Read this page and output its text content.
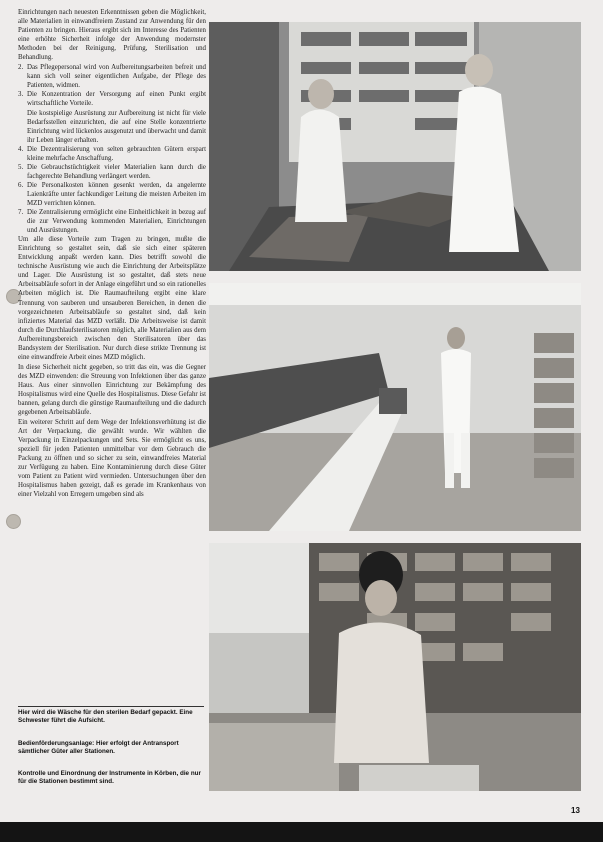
Einrichtungen nach neuesten Erkenntnissen geben die Möglichkeit, alle Materialien in einwandfreiem Zustand zur Anwendung für den Patienten zu bringen. Hieraus ergibt sich im Interesse des Patienten eine erhöhte Sicherheit infolge der Anwendung modernster Methoden bei der Reinigung, Prüfung, Sterilisation und Behandlung.

2. Das Pflegepersonal wird von Aufbereitungsarbeiten befreit und kann sich voll seiner eigentlichen Aufgabe, der Pflege des Patienten, widmen.
3. Die Konzentration der Versorgung auf einen Punkt ergibt wirtschaftliche Vorteile.
Die kostspielige Ausrüstung zur Aufbereitung ist nicht für viele Bedarfsstellen einzurichten, die auf eine Stelle konzentrierte Einrichtung wird lückenlos ausgenutzt und überwacht und damit ihr Leben länger erhalten.
4. Die Dezentralisierung von selten gebrauchten Gütern erspart kleine mehrfache Anschaffung.
5. Die Gebrauchstüchtigkeit vieler Materialien kann durch die fachgerechte Behandlung verlängert werden.
6. Die Personalkosten können gesenkt werden, da angelernte Laienkräfte unter fachkundiger Leitung die meisten Arbeiten im MZD verrichten können.
7. Die Zentralisierung ermöglicht eine Einheitlichkeit in bezug auf die zur Verwendung kommenden Materialien, Einrichtungen und Ausrüstungen.

Um alle diese Vorteile zum Tragen zu bringen, mußte die Einrichtung so gestaltet sein, daß sie sich einer späteren Entwicklung anpaßt werden kann. Dies betrifft sowohl die technische Ausrüstung wie auch die Einrichtung der Arbeitsplätze und Lager. Die Ausrüstung ist so gestaltet, daß stets neue Arbeitsabläufe sofort in der Anlage eingeführt und so ein rationelles Arbeiten möglich ist. Die Raumaufteilung ergibt eine klare Trennung von sauberen und unsauberen Bereichen, in denen die vorgezeichneten Arbeitsabläufe so gestaltet sind, daß kein infiziertes Material das MZD verläßt. Die Arbeitsweise ist damit durch die Durchlaufsterilisatoren möglich, alle Materialien aus dem Aufbereitungsbereich zwischen den Sterilisatoren über das Bandsystem der Sterilisation. Nur durch diese strikte Trennung ist eine einwandfreie Arbeit eines MZD möglich.

In diese Sicherheit nicht gegeben, so tritt das ein, was die Gegner des MZD einwenden: die Streuung von Infektionen über das ganze Haus. Aus einer sinnvollen Einrichtung zur Bekämpfung des Hospitalismus wird eine Quelle des Hospitalismus. Diese Gefahr ist bannen, gelang durch die günstige Raumaufteilung und die dadurch gegebenen Arbeitsabläufe.

Ein weiterer Schritt auf dem Wege der Infektionsverhütung ist die Art der Verpackung, die gewählt wurde. Wir wählten die Verpackung in Einzelpackungen und Sets. Sie ermöglicht es uns, speziell für jeden Patienten unmittelbar vor dem Gebrauch die Packung zu öffnen und so sicher zu sein, einwandfreies Material zur Verfügung zu haben. Eine Kontaminierung durch diese Güter vom Patient zu Patient wird vermieden. Untersuchungen über den Hospitalismus haben gezeigt, daß es gerade im Krankenhaus von einer Vielzahl von Erregern umgeben sind als

Hier wird die Wäsche für den sterilen Bedarf gepackt. Eine Schwester führt die Aufsicht.

Bedienförderungsanlage: Hier erfolgt der Antransport sämtlicher Güter aller Stationen.

Kontrolle und Einordnung der Instrumente in Körben, die nur für die Stationen bestimmt sind.

13
